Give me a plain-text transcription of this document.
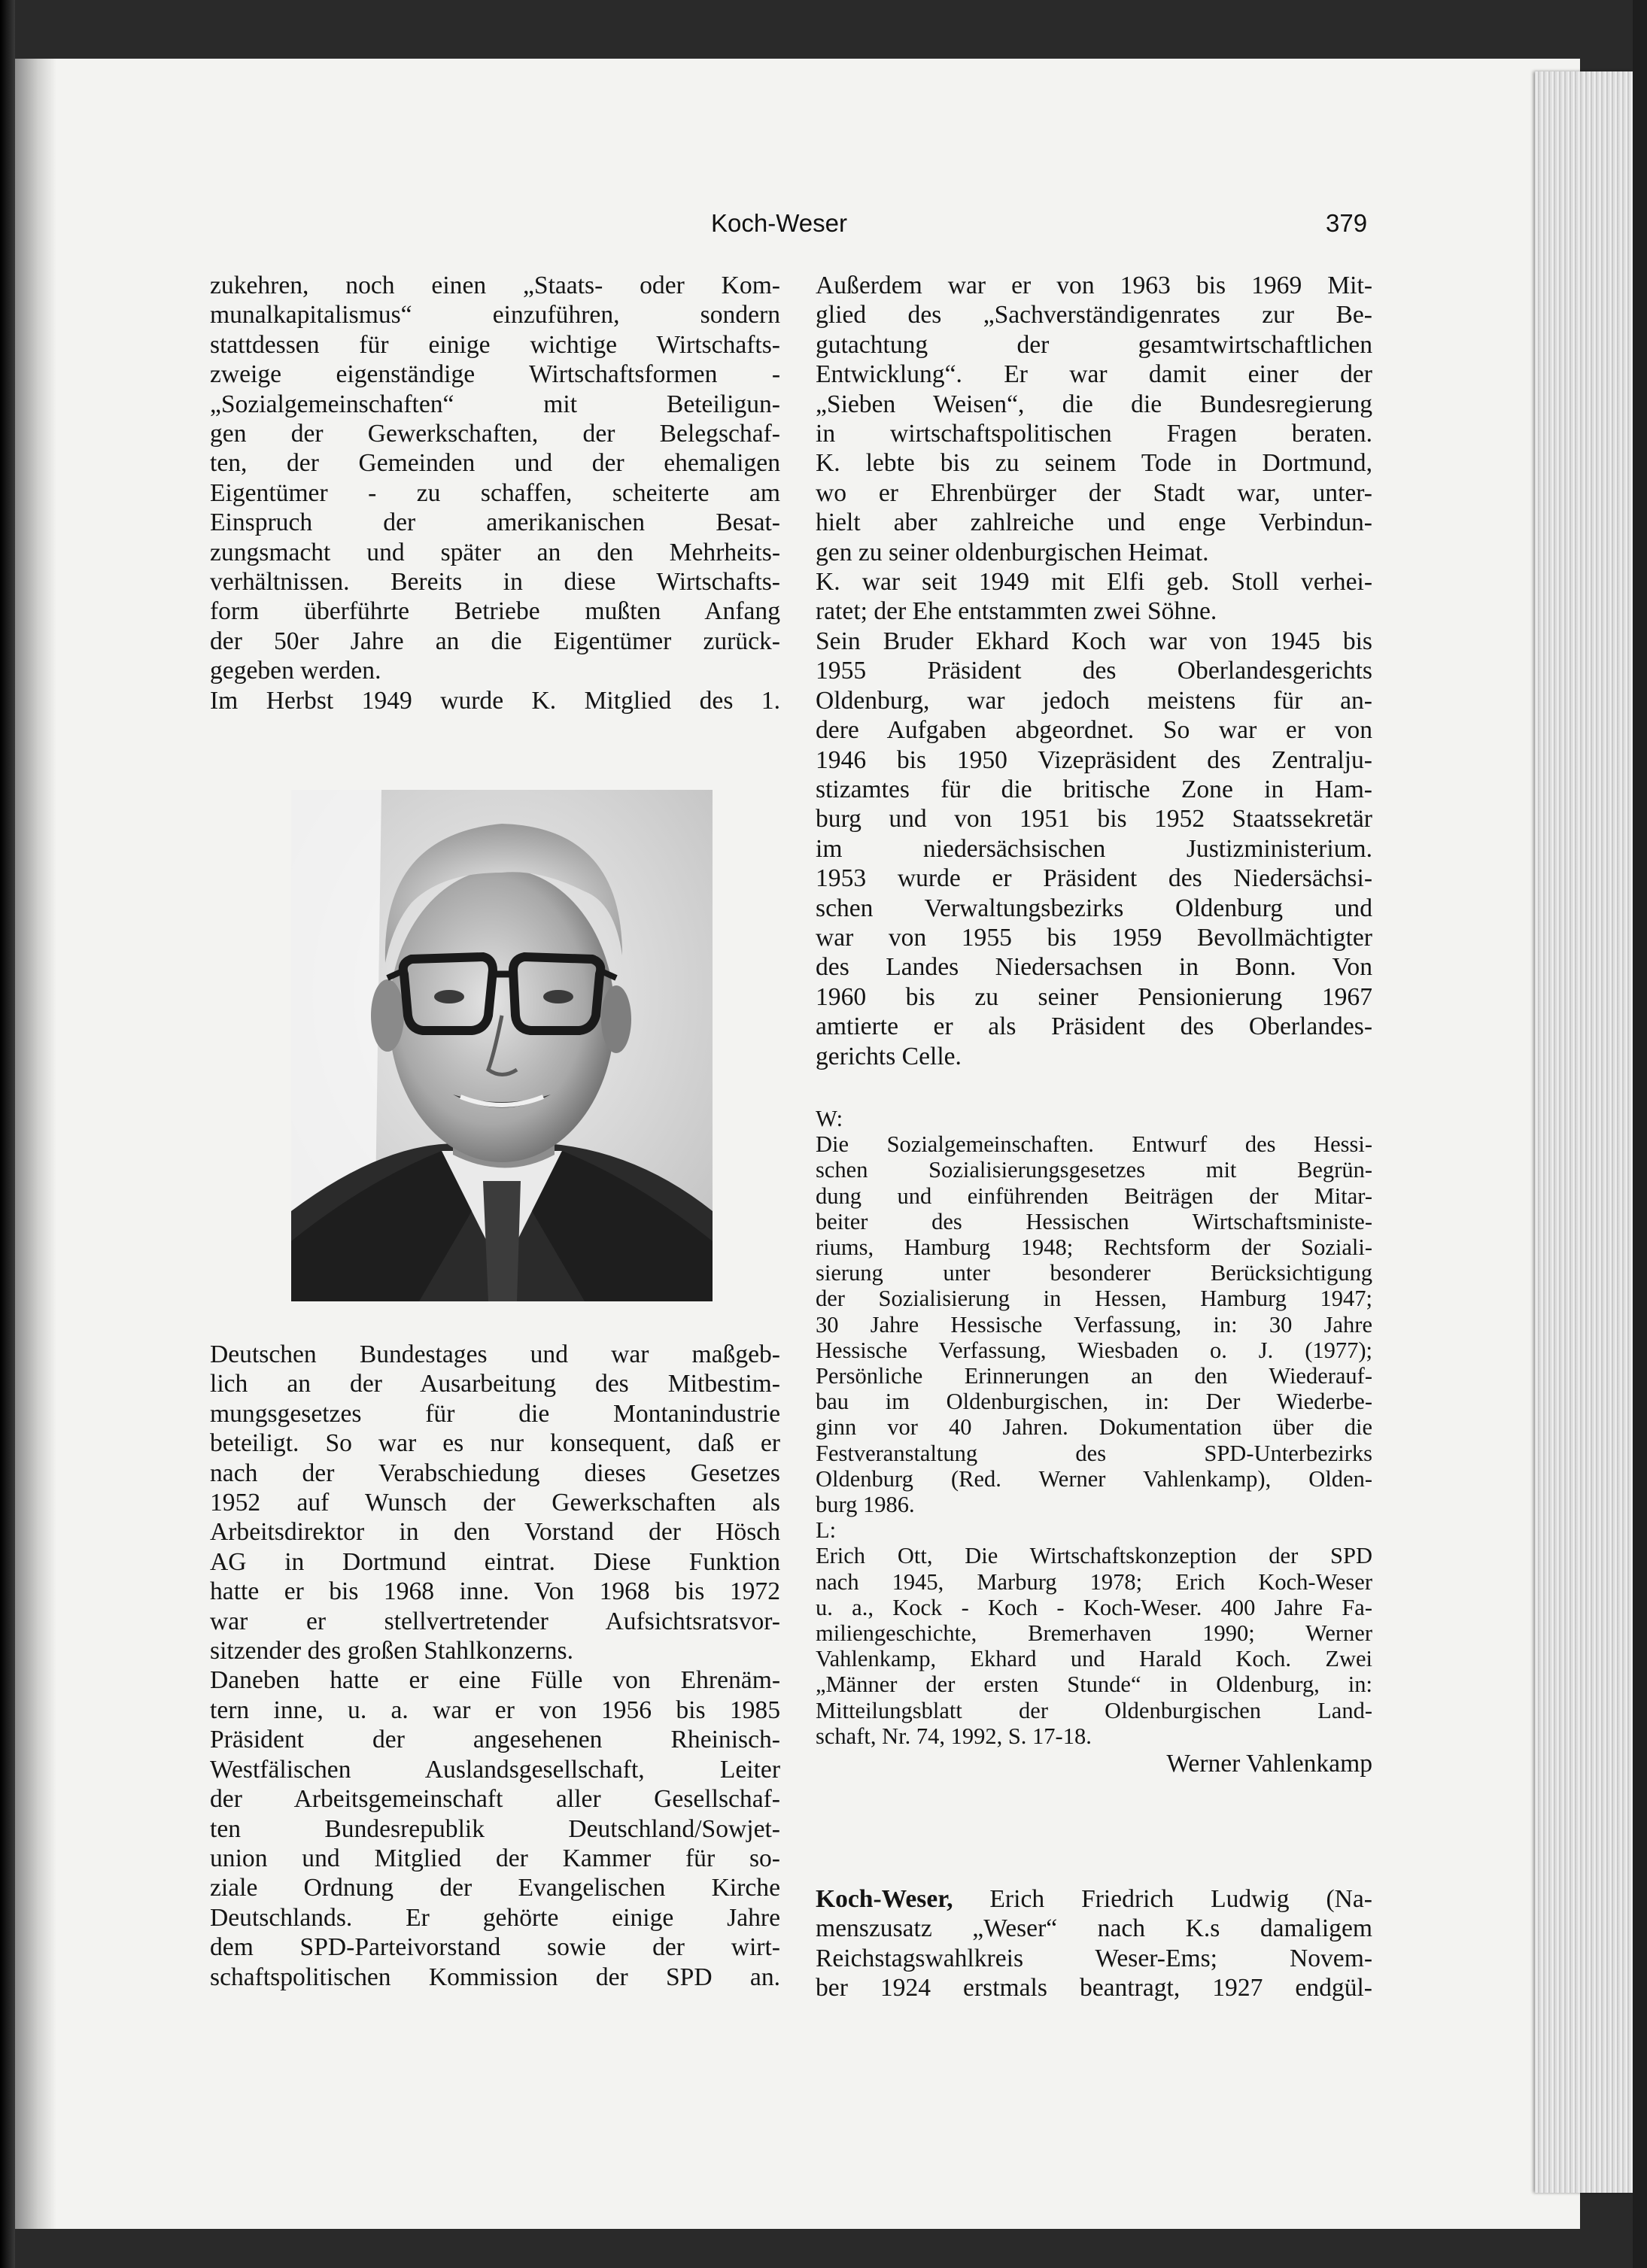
Koch-Weser	379
zukehren, noch einen „Staats- oder Kom-
munalkapitalismus“ einzuführen, sondern
stattdessen für einige wichtige Wirtschafts-
zweige eigenständige Wirtschaftsformen -
„Sozialgemeinschaften“ mit Beteiligun-
gen der Gewerkschaften, der Belegschaf-
ten, der Gemeinden und der ehemaligen
Eigentümer - zu schaffen, scheiterte am
Einspruch der amerikanischen Besat-
zungsmacht und später an den Mehrheits-
verhältnissen. Bereits in diese Wirtschafts-
form überführte Betriebe mußten Anfang
der 50er Jahre an die Eigentümer zurück-
gegeben werden.
Im Herbst 1949 wurde K. Mitglied des 1.
Deutschen Bundestages und war maßgeb-
lich an der Ausarbeitung des Mitbestim-
mungsgesetzes für die Montanindustrie
beteiligt. So war es nur konsequent, daß er
nach der Verabschiedung dieses Gesetzes
1952 auf Wunsch der Gewerkschaften als
Arbeitsdirektor in den Vorstand der Hösch
AG in Dortmund eintrat. Diese Funktion
hatte er bis 1968 inne. Von 1968 bis 1972
war er stellvertretender Aufsichtsratsvor-
sitzender des großen Stahlkonzerns.
Daneben hatte er eine Fülle von Ehrenäm-
tern inne, u. a. war er von 1956 bis 1985
Präsident der angesehenen Rheinisch-
Westfälischen Auslandsgesellschaft, Leiter
der Arbeitsgemeinschaft aller Gesellschaf-
ten Bundesrepublik Deutschland/Sowjet-
union und Mitglied der Kammer für so-
ziale Ordnung der Evangelischen Kirche
Deutschlands. Er gehörte einige Jahre
dem SPD-Parteivorstand sowie der wirt-
schaftspolitischen Kommission der SPD an.
Außerdem war er von 1963 bis 1969 Mit-
glied des „Sachverständigenrates zur Be-
gutachtung der gesamtwirtschaftlichen
Entwicklung“. Er war damit einer der
„Sieben Weisen“, die die Bundesregierung
in wirtschaftspolitischen Fragen beraten.
K. lebte bis zu seinem Tode in Dortmund,
wo er Ehrenbürger der Stadt war, unter-
hielt aber zahlreiche und enge Verbindun-
gen zu seiner oldenburgischen Heimat.
K. war seit 1949 mit Elfi geb. Stoll verhei-
ratet; der Ehe entstammten zwei Söhne.
Sein Bruder Ekhard Koch war von 1945 bis
1955 Präsident des Oberlandesgerichts
Oldenburg, war jedoch meistens für an-
dere Aufgaben abgeordnet. So war er von
1946 bis 1950 Vizepräsident des Zentralju-
stizamtes für die britische Zone in Ham-
burg und von 1951 bis 1952 Staatssekretär
im niedersächsischen Justizministerium.
1953 wurde er Präsident des Niedersächsi-
schen Verwaltungsbezirks Oldenburg und
war von 1955 bis 1959 Bevollmächtigter
des Landes Niedersachsen in Bonn. Von
1960 bis zu seiner Pensionierung 1967
amtierte er als Präsident des Oberlandes-
gerichts Celle.
W:
Die Sozialgemeinschaften. Entwurf des Hessi-
schen Sozialisierungsgesetzes mit Begrün-
dung und einführenden Beiträgen der Mitar-
beiter des Hessischen Wirtschaftsministe-
riums, Hamburg 1948; Rechtsform der Soziali-
sierung unter besonderer Berücksichtigung
der Sozialisierung in Hessen, Hamburg 1947;
30 Jahre Hessische Verfassung, in: 30 Jahre
Hessische Verfassung, Wiesbaden o. J. (1977);
Persönliche Erinnerungen an den Wiederauf-
bau im Oldenburgischen, in: Der Wiederbe-
ginn vor 40 Jahren. Dokumentation über die
Festveranstaltung des SPD-Unterbezirks
Oldenburg (Red. Werner Vahlenkamp), Olden-
burg 1986.
L:
Erich Ott, Die Wirtschaftskonzeption der SPD
nach 1945, Marburg 1978; Erich Koch-Weser
u. a., Kock - Koch - Koch-Weser. 400 Jahre Fa-
miliengeschichte, Bremerhaven 1990; Werner
Vahlenkamp, Ekhard und Harald Koch. Zwei
„Männer der ersten Stunde“ in Oldenburg, in:
Mitteilungsblatt der Oldenburgischen Land-
schaft, Nr. 74, 1992, S. 17-18.
Werner Vahlenkamp
Koch-Weser, Erich Friedrich Ludwig (Na-
menszusatz „Weser“ nach K.s damaligem
Reichstagswahlkreis Weser-Ems; Novem-
ber 1924 erstmals beantragt, 1927 endgül-
